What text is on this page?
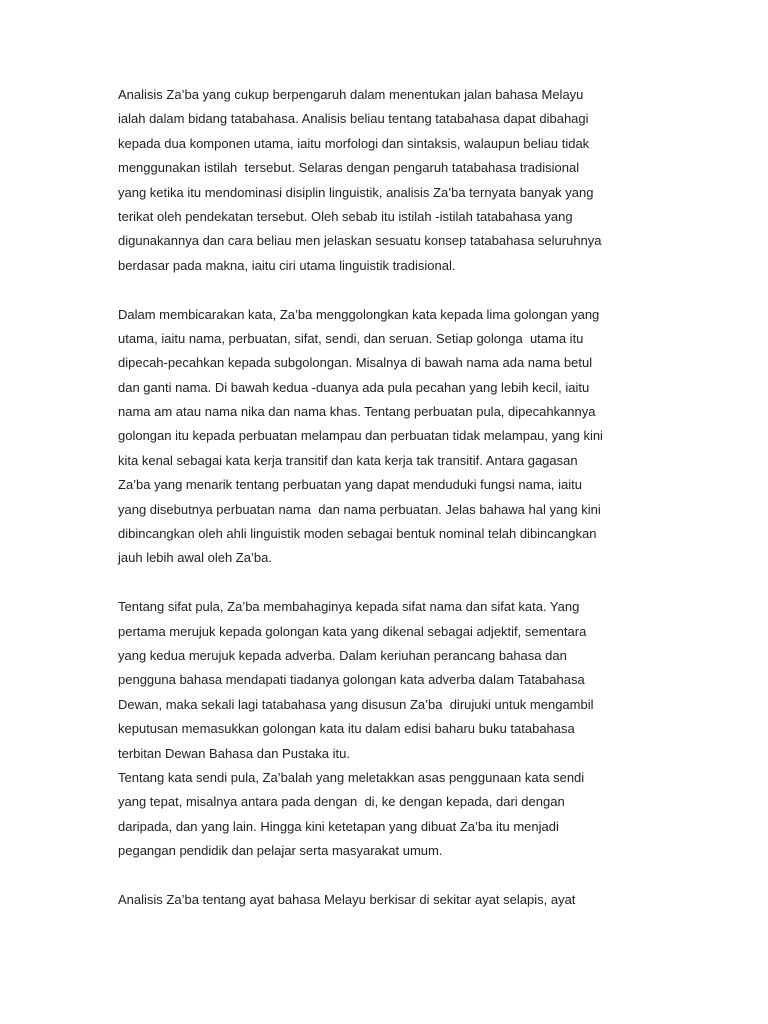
Analisis Za’ba yang cukup berpengaruh dalam menentukan jalan bahasa Melayu
ialah dalam bidang tatabahasa. Analisis beliau tentang tatabahasa dapat dibahagi
kepada dua komponen utama, iaitu morfologi dan sintaksis, walaupun beliau tidak
menggunakan istilah  tersebut. Selaras dengan pengaruh tatabahasa tradisional
yang ketika itu mendominasi disiplin linguistik, analisis Za’ba ternyata banyak yang
terikat oleh pendekatan tersebut. Oleh sebab itu istilah -istilah tatabahasa yang
digunakannya dan cara beliau men jelaskan sesuatu konsep tatabahasa seluruhnya
berdasar pada makna, iaitu ciri utama linguistik tradisional.
Dalam membicarakan kata, Za’ba menggolongkan kata kepada lima golongan yang
utama, iaitu nama, perbuatan, sifat, sendi, dan seruan. Setiap golonga  utama itu
dipecah-pecahkan kepada subgolongan. Misalnya di bawah nama ada nama betul
dan ganti nama. Di bawah kedua -duanya ada pula pecahan yang lebih kecil, iaitu
nama am atau nama nika dan nama khas. Tentang perbuatan pula, dipecahkannya
golongan itu kepada perbuatan melampau dan perbuatan tidak melampau, yang kini
kita kenal sebagai kata kerja transitif dan kata kerja tak transitif. Antara gagasan
Za’ba yang menarik tentang perbuatan yang dapat menduduki fungsi nama, iaitu
yang disebutnya perbuatan nama  dan nama perbuatan. Jelas bahawa hal yang kini
dibincangkan oleh ahli linguistik moden sebagai bentuk nominal telah dibincangkan
jauh lebih awal oleh Za’ba.
Tentang sifat pula, Za’ba membahaginya kepada sifat nama dan sifat kata. Yang
pertama merujuk kepada golongan kata yang dikenal sebagai adjektif, sementara
yang kedua merujuk kepada adverba. Dalam keriuhan perancang bahasa dan
pengguna bahasa mendapati tiadanya golongan kata adverba dalam Tatabahasa
Dewan, maka sekali lagi tatabahasa yang disusun Za’ba  dirujuki untuk mengambil
keputusan memasukkan golongan kata itu dalam edisi baharu buku tatabahasa
terbitan Dewan Bahasa dan Pustaka itu.
Tentang kata sendi pula, Za’balah yang meletakkan asas penggunaan kata sendi
yang tepat, misalnya antara pada dengan  di, ke dengan kepada, dari dengan
daripada, dan yang lain. Hingga kini ketetapan yang dibuat Za’ba itu menjadi
pegangan pendidik dan pelajar serta masyarakat umum.
Analisis Za’ba tentang ayat bahasa Melayu berkisar di sekitar ayat selapis, ayat
